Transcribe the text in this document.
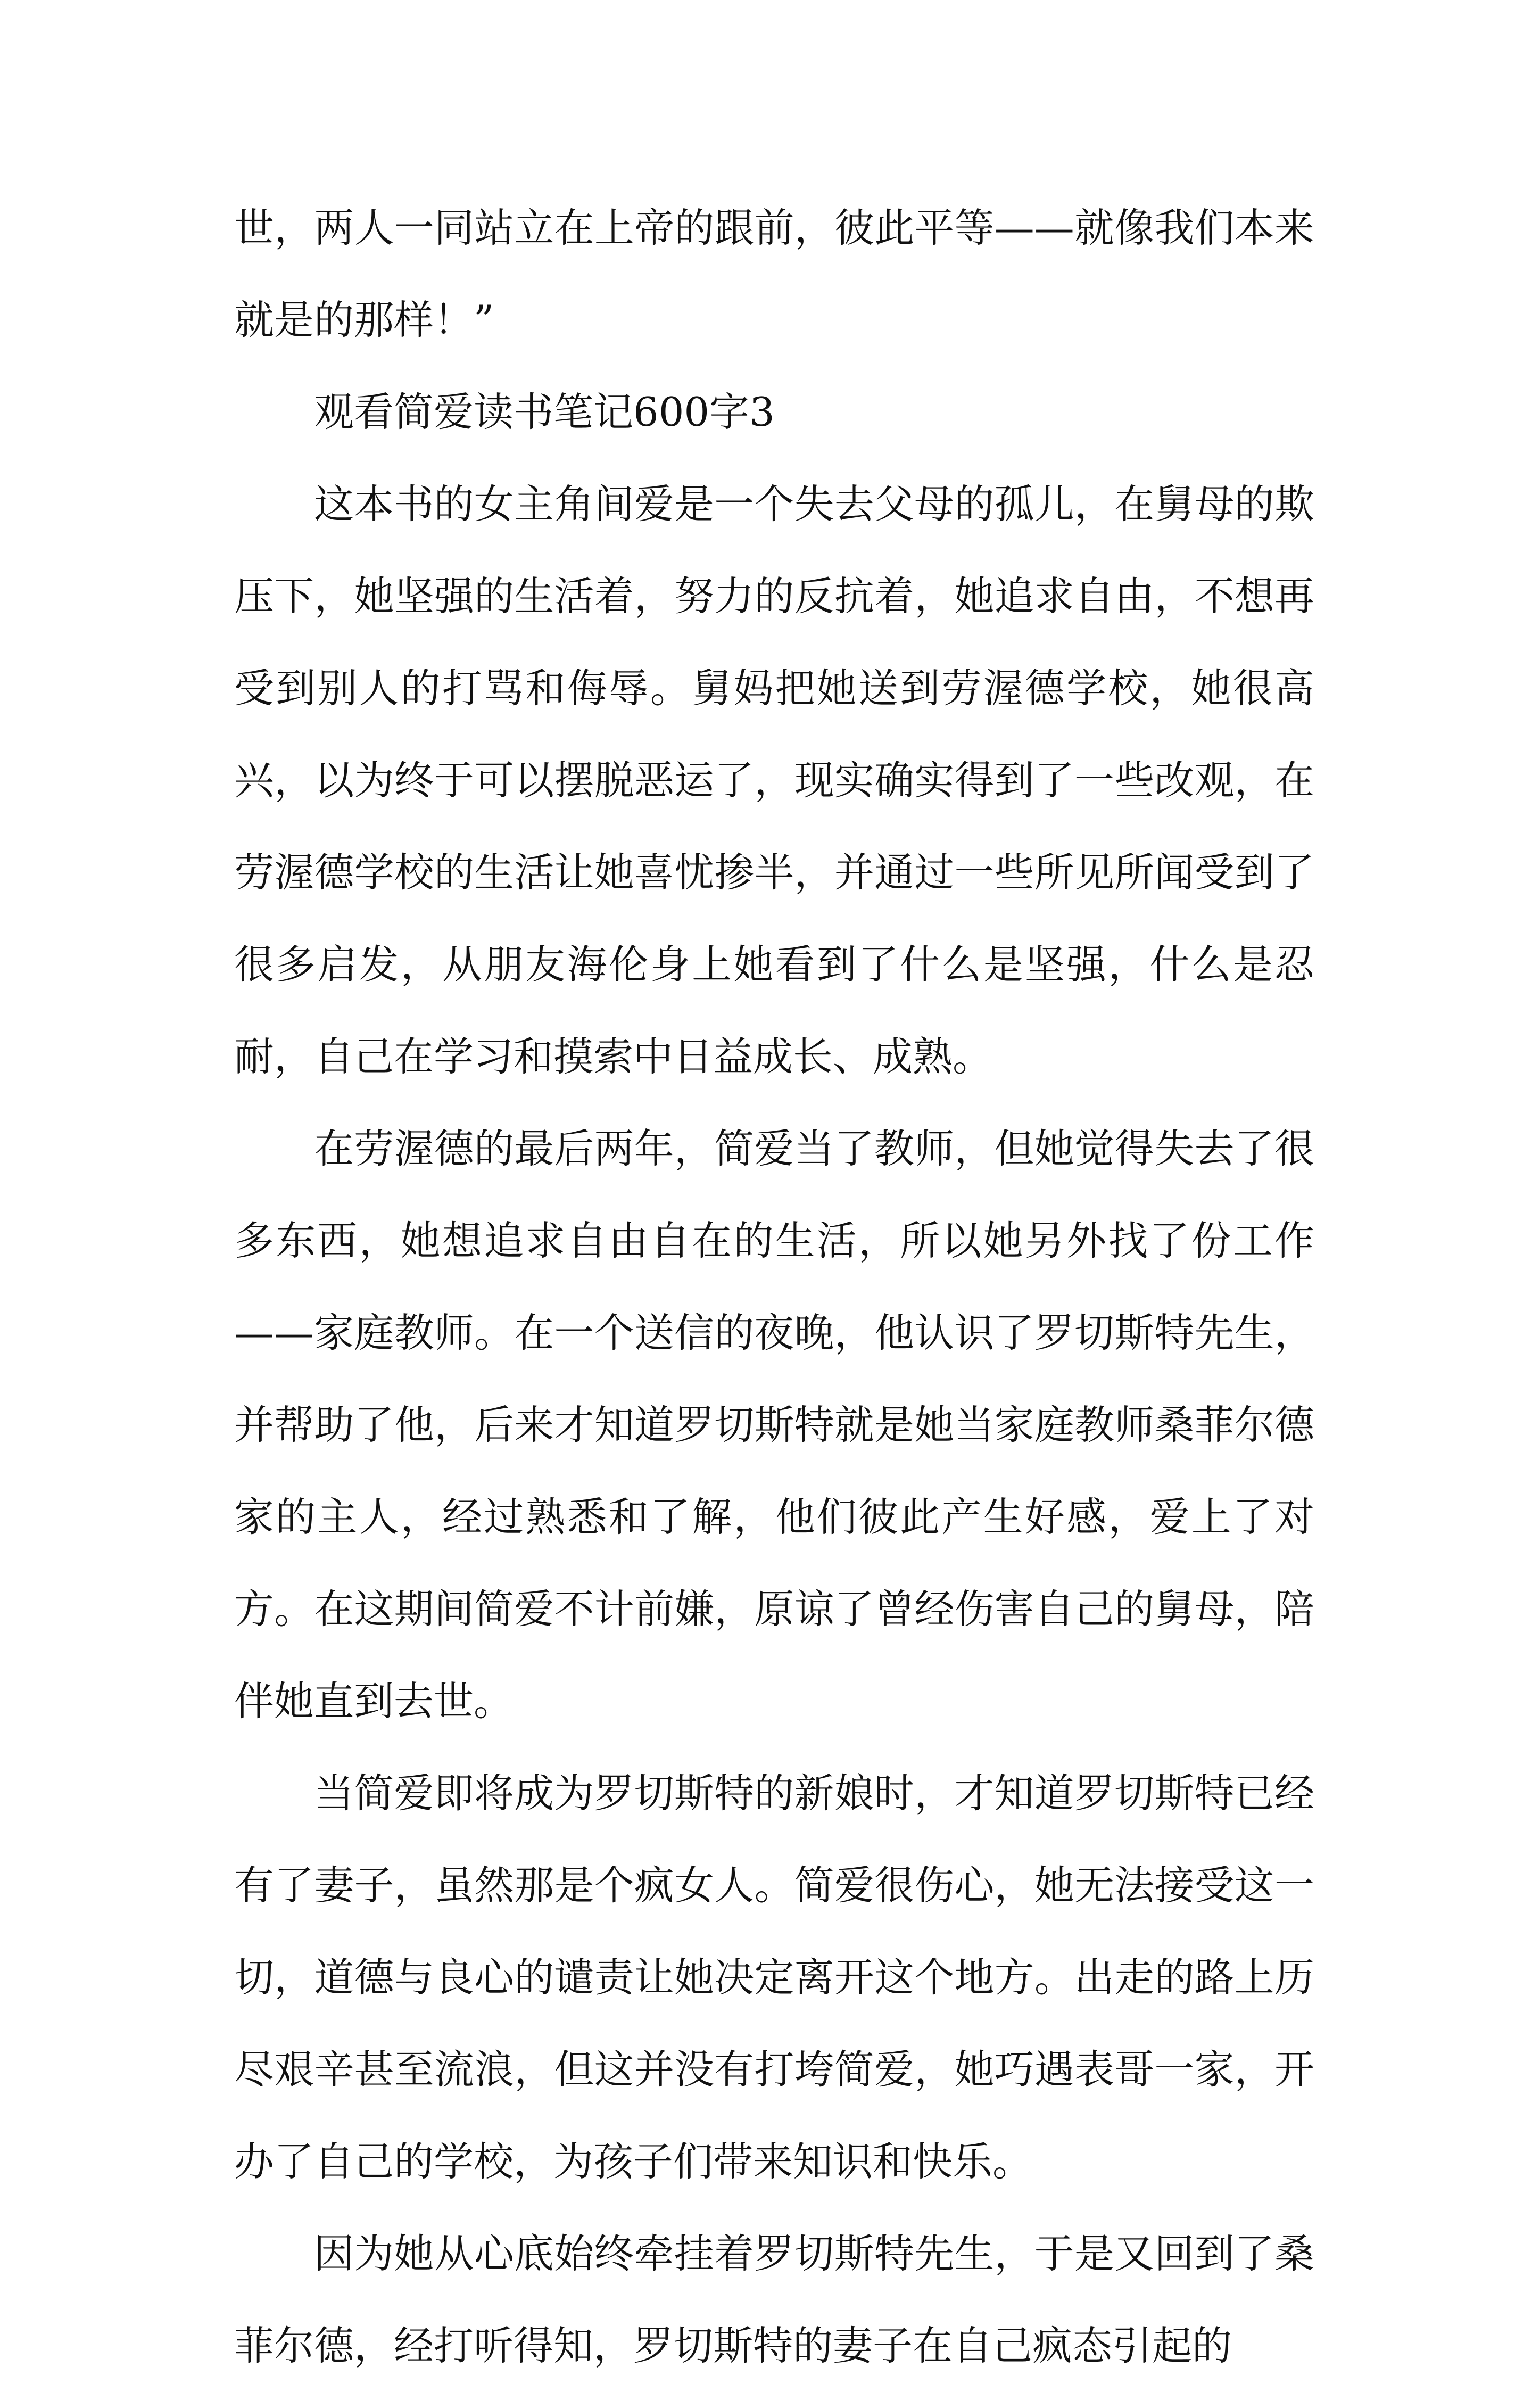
世，两人一同站立在上帝的跟前，彼此平等——就像我们本来就是的那样！”

观看简爱读书笔记600字3

这本书的女主角间爱是一个失去父母的孤儿，在舅母的欺压下，她坚强的生活着，努力的反抗着，她追求自由，不想再受到别人的打骂和侮辱。舅妈把她送到劳渥德学校，她很高兴，以为终于可以摆脱恶运了，现实确实得到了一些改观，在劳渥德学校的生活让她喜忧掺半，并通过一些所见所闻受到了很多启发，从朋友海伦身上她看到了什么是坚强，什么是忍耐，自己在学习和摸索中日益成长、成熟。

在劳渥德的最后两年，简爱当了教师，但她觉得失去了很多东西，她想追求自由自在的生活，所以她另外找了份工作——家庭教师。在一个送信的夜晚，他认识了罗切斯特先生，并帮助了他，后来才知道罗切斯特就是她当家庭教师桑菲尔德家的主人，经过熟悉和了解，他们彼此产生好感，爱上了对方。在这期间简爱不计前嫌，原谅了曾经伤害自己的舅母，陪伴她直到去世。

当简爱即将成为罗切斯特的新娘时，才知道罗切斯特已经有了妻子，虽然那是个疯女人。简爱很伤心，她无法接受这一切，道德与良心的谴责让她决定离开这个地方。出走的路上历尽艰辛甚至流浪，但这并没有打垮简爱，她巧遇表哥一家，开办了自己的学校，为孩子们带来知识和快乐。

因为她从心底始终牵挂着罗切斯特先生，于是又回到了桑菲尔德，经打听得知，罗切斯特的妻子在自己疯态引起的
